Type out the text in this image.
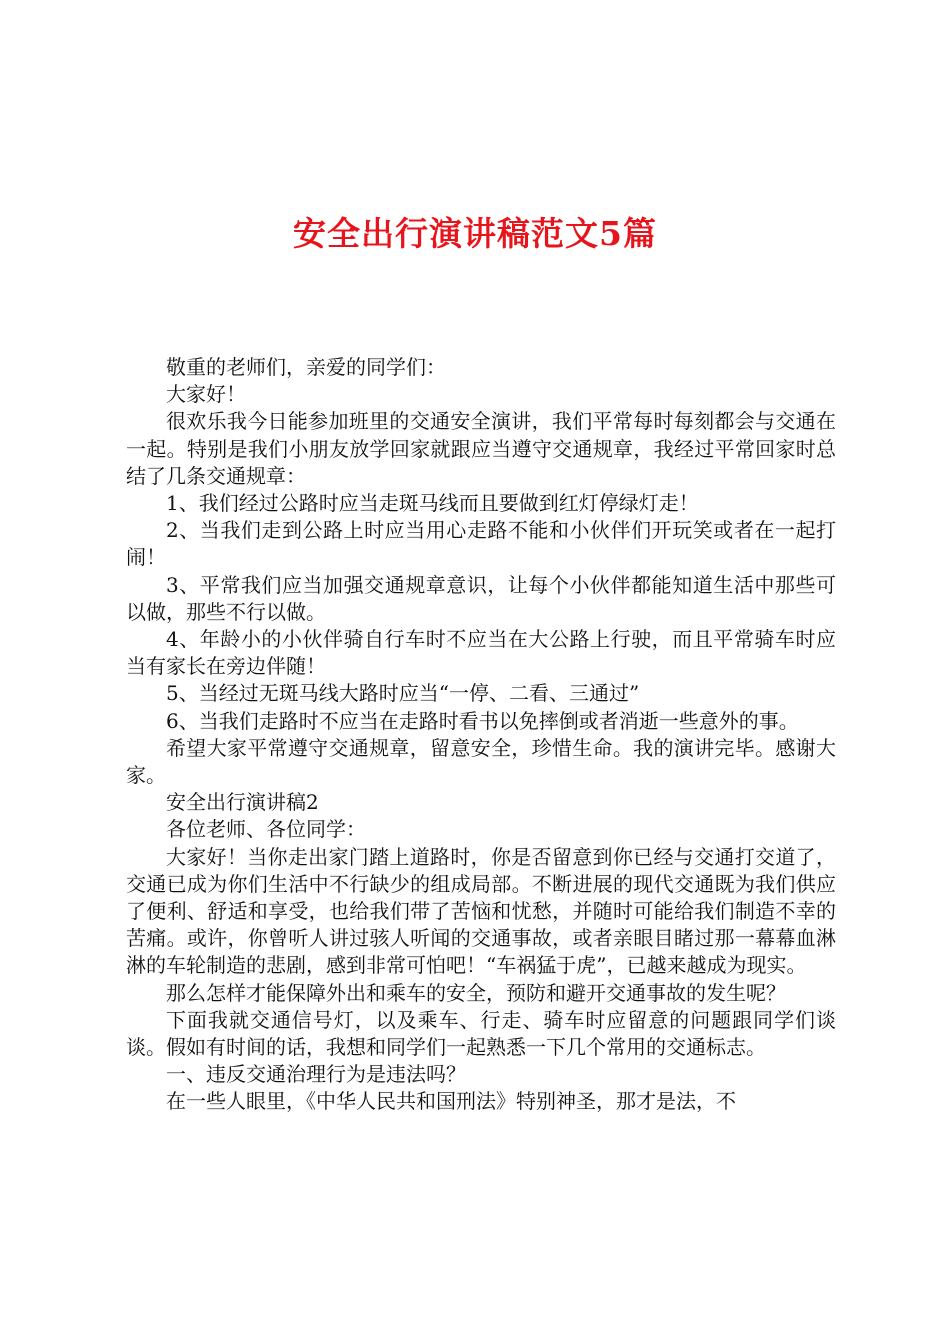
安全出行演讲稿范文5篇

敬重的老师们，亲爱的同学们：

大家好！

很欢乐我今日能参加班里的交通安全演讲，我们平常每时每刻都会与交通在一起。特别是我们小朋友放学回家就跟应当遵守交通规章，我经过平常回家时总结了几条交通规章：

1、我们经过公路时应当走斑马线而且要做到红灯停绿灯走！

2、当我们走到公路上时应当用心走路不能和小伙伴们开玩笑或者在一起打闹！

3、平常我们应当加强交通规章意识，让每个小伙伴都能知道生活中那些可以做，那些不行以做。

4、年龄小的小伙伴骑自行车时不应当在大公路上行驶，而且平常骑车时应当有家长在旁边伴随！

5、当经过无斑马线大路时应当“一停、二看、三通过”

6、当我们走路时不应当在走路时看书以免摔倒或者消逝一些意外的事。

希望大家平常遵守交通规章，留意安全，珍惜生命。我的演讲完毕。感谢大家。

安全出行演讲稿2

各位老师、各位同学：

大家好！当你走出家门踏上道路时，你是否留意到你已经与交通打交道了，交通已成为你们生活中不行缺少的组成局部。不断进展的现代交通既为我们供应了便利、舒适和享受，也给我们带了苦恼和忧愁，并随时可能给我们制造不幸的苦痛。或许，你曾听人讲过骇人听闻的交通事故，或者亲眼目睹过那一幕幕血淋淋的车轮制造的悲剧，感到非常可怕吧！“车祸猛于虎”，已越来越成为现实。

那么怎样才能保障外出和乘车的安全，预防和避开交通事故的发生呢？

下面我就交通信号灯，以及乘车、行走、骑车时应留意的问题跟同学们谈谈。假如有时间的话，我想和同学们一起熟悉一下几个常用的交通标志。

一、违反交通治理行为是违法吗？

在一些人眼里，《中华人民共和国刑法》特别神圣，那才是法，不
